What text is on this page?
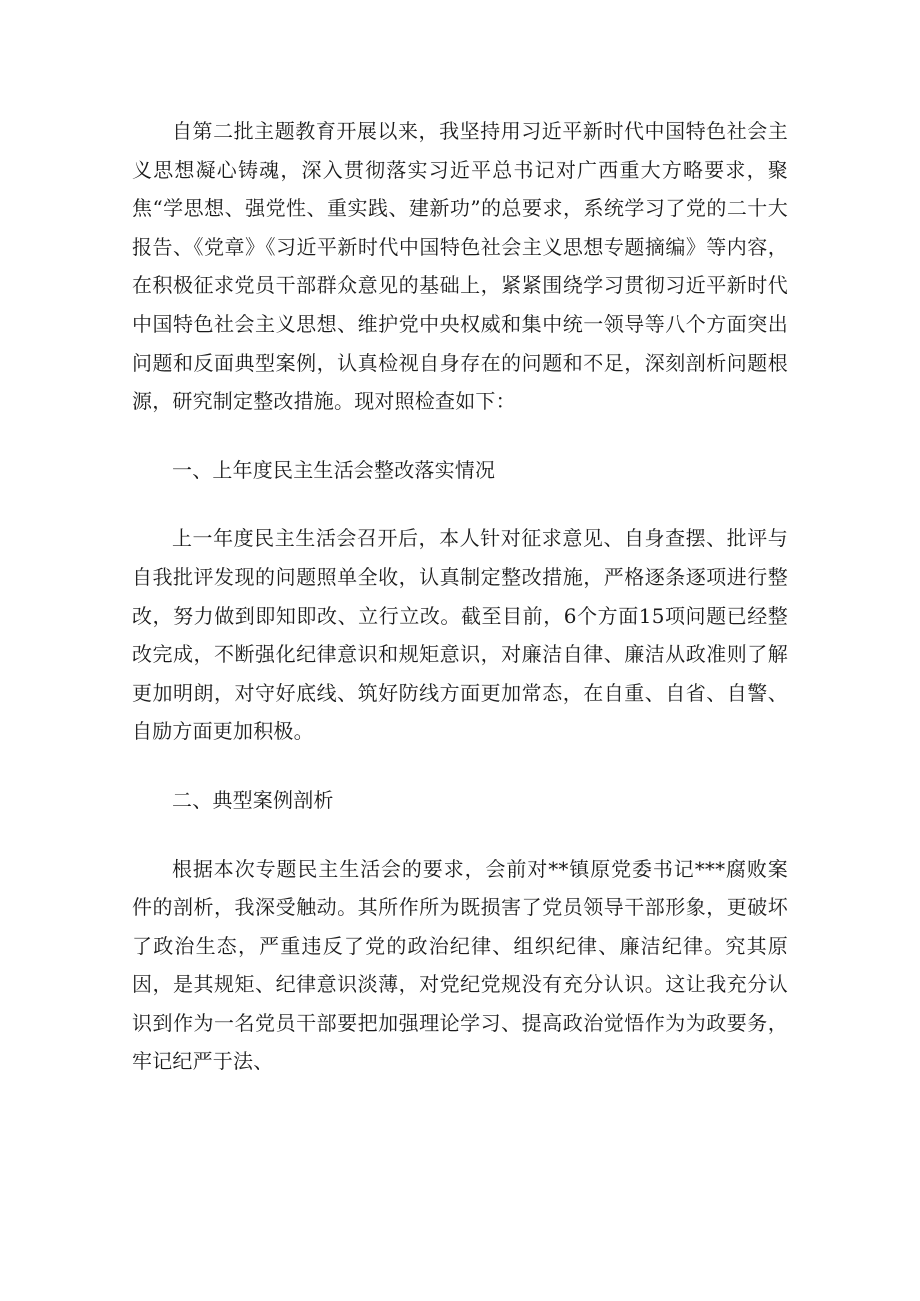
自第二批主题教育开展以来，我坚持用习近平新时代中国特色社会主义思想凝心铸魂，深入贯彻落实习近平总书记对广西重大方略要求，聚焦“学思想、强党性、重实践、建新功”的总要求，系统学习了党的二十大报告、《党章》《习近平新时代中国特色社会主义思想专题摘编》等内容，在积极征求党员干部群众意见的基础上，紧紧围绕学习贯彻习近平新时代中国特色社会主义思想、维护党中央权威和集中统一领导等八个方面突出问题和反面典型案例，认真检视自身存在的问题和不足，深刻剖析问题根源，研究制定整改措施。现对照检查如下：

一、上年度民主生活会整改落实情况

上一年度民主生活会召开后，本人针对征求意见、自身查摆、批评与自我批评发现的问题照单全收，认真制定整改措施，严格逐条逐项进行整改，努力做到即知即改、立行立改。截至目前，6个方面15项问题已经整改完成，不断强化纪律意识和规矩意识，对廉洁自律、廉洁从政准则了解更加明朗，对守好底线、筑好防线方面更加常态，在自重、自省、自警、自励方面更加积极。

二、典型案例剖析

根据本次专题民主生活会的要求，会前对**镇原党委书记***腐败案件的剖析，我深受触动。其所作所为既损害了党员领导干部形象，更破坏了政治生态，严重违反了党的政治纪律、组织纪律、廉洁纪律。究其原因，是其规矩、纪律意识淡薄，对党纪党规没有充分认识。这让我充分认识到作为一名党员干部要把加强理论学习、提高政治觉悟作为为政要务，牢记纪严于法、
